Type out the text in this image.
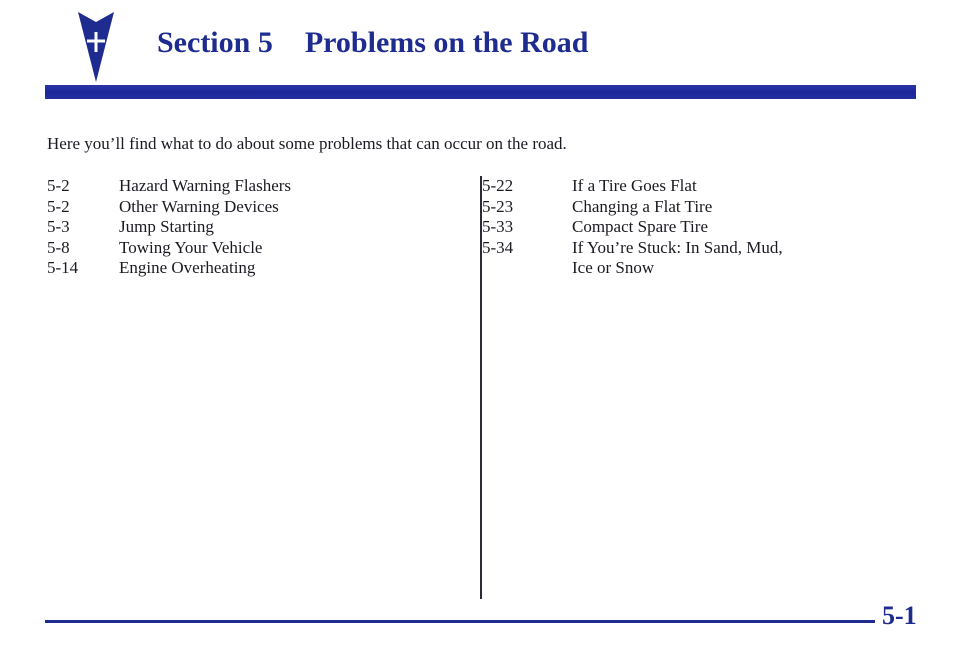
Section 5 Problems on the Road

Here you’ll find what to do about some problems that can occur on the road.

5-2	Hazard Warning Flashers
5-2	Other Warning Devices
5-3	Jump Starting
5-8	Towing Your Vehicle
5-14	Engine Overheating
5-22	If a Tire Goes Flat
5-23	Changing a Flat Tire
5-33	Compact Spare Tire
5-34	If You’re Stuck: In Sand, Mud,
Ice or Snow
5-1
